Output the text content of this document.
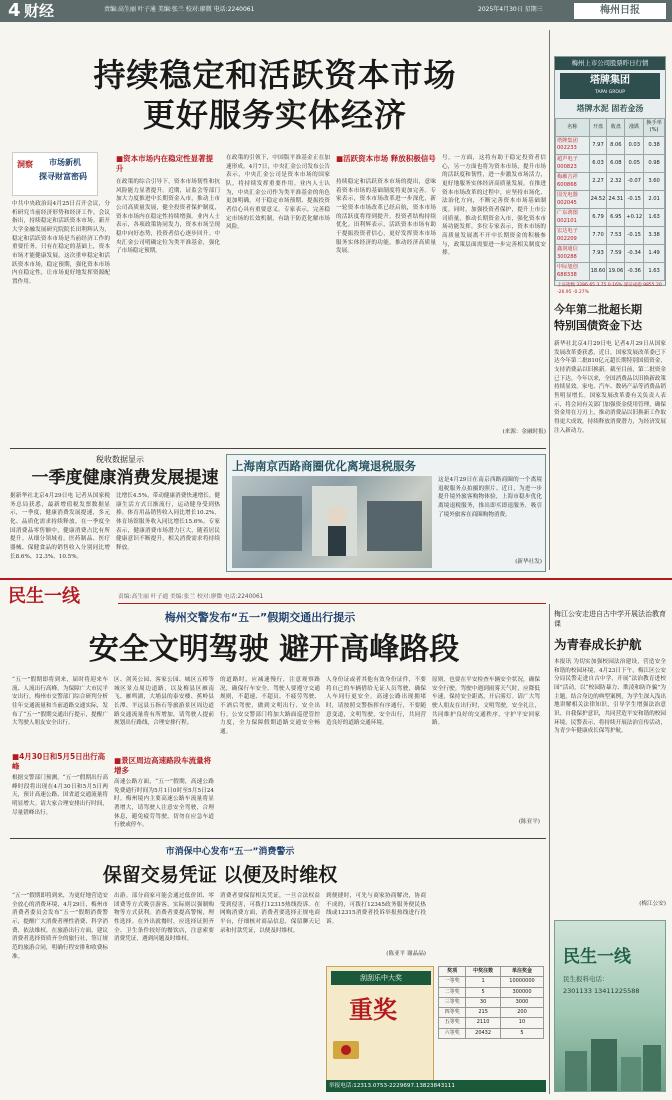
4 财经	责编:高生丽 叶子通 美编:张兰 校对:廖微 电话:2240061	2025年4月30日 星期三	梅州日报
持续稳定和活跃资本市场
更好服务实体经济
洞察 市场新机
探寻财富密码
中共中央政治局4月25日召开会议，分析研究当前经济形势和经济工作。会议指出，持续稳定和活跃资本市场。新开大学金融发展研究院院长田利辉认为，稳定和活跃资本市场是当前经济工作的重要任务。只有在稳定的基础上，资本市场才能健康发展。这次重申稳定和活跃资本市场，稳定预期，强化资本市场内在稳定性，让市场更好地发挥资源配置作用。
■资本市场内在稳定性显著提升
在政策的综合引导下，资本市场韧性和抗风险能力显著提升。近期，证监会等部门加大力度推进中长期资金入市，推动上市公司高质量发展，健全投资者保护制度，资本市场内在稳定性持续增强。业内人士表示，各项政策协同发力，资本市场呈现稳中向好态势，投资者信心逐步回升。中央汇金公司明确定位为类平准基金，强化了市场稳定预期。
在政策的引领下，中国版平准基金正在加速形成。4月7日，中央汇金公司发布公告表示，中央汇金公司是资本市场的国家队，将持续发挥重要作用。业内人士认为，中央汇金公司作为类平准基金的角色更加明确，对于稳定市场预期、提振投资者信心具有重要意义。专家表示，完善稳定市场的长效机制，有助于防范化解市场风险。
■活跃资本市场 释放积极信号
持续稳定和活跃资本市场的提出，意味着资本市场的基础制度将更加完善。专家表示，资本市场改革进一步深化，新一轮资本市场改革已经启航，资本市场的活跃度将得到提升，投资者结构持续优化。田利辉表示，活跃资本市场有助于提振投资者信心，更好发挥资本市场服务实体经济的功能，推动经济高质量发展。
号，一方面，这将有助于稳定投资者信心，另一方面也将为资本市场，提升市场的活跃度和韧性，进一步激发市场活力，更好地服务实体经济高质量发展。在推进资本市场改革的过程中，应坚持市场化、法治化方向，不断完善资本市场基础制度。同时，加强投资者保护，提升上市公司质量，推动长期资金入市，强化资本市场功能发挥。多位专家表示，资本市场的高质量发展离不开中长期资金的积极参与，政策层面需要进一步完善相关制度安排。
(来源：金融时报)
梅州上市公司股票昨日行情
塔牌集团
TAPAI GROUP
塔牌水泥 固若金汤
名称	开盘	收盘	涨跌	换手率(%)
塔牌集团 002233	7.97	8.06	0.03	0.38
超声电子 000823	6.03	6.08	0.05	0.98
梅雁吉祥 600868	2.27	2.32	-0.07	3.60
国光电器 002045	24.52	24.31	-0.15	2.01
广东鸿图 002101	6.79	6.95	+0.12	1.63
宏达电子 002209	7.70	7.53	-0.15	3.38
鑫润通信 300288	7.93	7.59	-0.34	1.49
中际旭创 688338	18.60	19.06	-0.36	1.63
上证指数 3286.65 3.75 0.16% 深证成指 9855.20 -26.95 -0.27%
今年第二批超长期
特别国债资金下达
新华社北京4月29日电 记者4月29日从国家发展改革委获悉，近日，国家发展改革委已下达今年第二批810亿元超长期特别国债资金，支持消费品以旧换新。截至目前，第二批资金已下达。今年以来，全国消费品以旧换新政策持续显效。家电、汽车、数码产品等消费品销售明显增长。国家发展改革委有关负责人表示，将会同有关部门加强资金使用管理，确保资金用在刀刃上，推动消费品以旧换新工作取得更大成效，持续释放消费潜力，为经济发展注入新动力。
税收数据显示
一季度健康消费发展提速
据新华社北京4月29日电 记者从国家税务总局获悉，最新增值税发票数据显示，一季度，健康消费发展提速，多元化、品质化需求持续释放。在一季度全国消费品零售额中，健康消费占比有所提升。从细分领域看，医药制品、医疗器械、保健食品的销售收入分别同比增长8.6%、12.3%、10.5%。
比增长4.5%，带动健康消费快速增长。健康生活方式日渐流行，运动健身受到热捧。体育用品销售收入同比增长10.2%，体育场馆服务收入同比增长15.6%。专家表示，健康消费市场潜力巨大，随着居民健康意识不断提升，相关消费需求将持续释放。
上海南京西路商圈优化离境退税服务
这是4月29日在南京西路商圈的一个离境退税服务点拍摄的照片。近日，为进一步提升境外旅客购物体验，上海市稳步优化离境退税服务，推出即买即退服务，吸引了境外旅客在商圈购物消费。
(新华社发)
民生一线	责编:高生丽 叶子通 美编:张兰 校对:廖微 电话:2240061
梅州交警发布“五一”假期交通出行提示
安全文明驾驶 避开高峰路段
“五一”假期即将到来，届时将迎来车流、人流出行高峰。为保障广大市民平安出行，梅州市交警部门综合研判分析往年交通流量和当前道路交通实际，发布了“五一”假期交通出行提示，提醒广大驾驶人朋友安全出行。
■4月30日和5月5日出行高峰
根据交警部门预测，“五一”假期出行高峰时段将出现在4月30日和5月5日两天，预计高速公路、国省道交通流量将明显增大。请大家合理安排出行时间，尽量错峰出行。
区、剑英公园、客家公园、城区五桥等城区景点周边道路，以及梅县区雁南飞、雁鸣湖，大埔县的泰安楼、蕉岭县长潭、平远县五指石等旅游景区周边道路交通流量将有所增加，请驾驶人提前规划出行路线，合理安排行程。
■景区周边高速路段车流量将增多
高速公路方面，“五一”假期，高速公路免费通行时间为5月1日0时至5月5日24时。梅州境内主要高速公路车流量将显著增大，请驾驶人注意安全驾驶，合理休息，避免疲劳驾驶，切勿在应急车道行驶或停车。
的道路时，应减速慢行，注意观察路况，确保行车安全。驾驶人要遵守交通规则，不超速、不超员、不疲劳驾驶、不酒后驾驶，做到文明出行、安全出行。公安交警部门将加大路面巡逻管控力度，全力保障假期道路交通安全畅通。
人身份证或者其他有效身份证件，不要将自己的车辆借给无证人员驾驶，确保人车同行更安全。高速公路出现拥堵时，请按照交警指挥有序通行，不要随意变道，文明驾驶，安全出行，共同营造良好的道路交通环境。
原则，也要在平安检查车辆安全状况，确保安全行驶。驾驶中遇到雨雾天气时，应降低车速，保持安全距离，开启雾灯。请广大驾驶人朋友在出行时，文明驾驶，安全礼让，共同维护良好的交通秩序，守护平安回家路。
(陈亚平)
梅江公安走进自古中学开展法治教育课
为青春成长护航
本报讯 为切实加强校园法治建设，营造安全和谐的校园环境，4月23日下午，梅江区公安分局民警走进自古中学，开展“法治教育进校园”活动，以“校园防暴力、欺凌和防诈骗”为主题，结合身边的典型案例，为学生深入浅出地讲解相关法律知识，引导学生增强法治意识、自我保护意识，共同营造平安和谐的校园环境。民警表示，将持续开展法治宣传活动，为青少年健康成长保驾护航。
(梅江公安)
民生一线
民生报料电话：
2301133 13411225588
市消保中心发布“五一”消费警示
保留交易凭证 以便及时维权
“五一”假期即将到来，为更好地营造安全放心的消费环境，4月29日，梅州市消费者委员会发布“五一”假期消费警示，提醒广大消费者理性消费、科学消费、依法维权。在旅游出行方面，建议消费者选择资质齐全的旅行社，签订规范的旅游合同，明确行程安排和收费标准。
出游。部分商家可能会通过低价团、零团费等方式吸引游客，实际则以强制购物等方式获利。消费者要提高警惕，理性选择。在外出就餐时，应选择证照齐全、卫生条件较好的餐饮店，注意索要消费凭证，遇到问题及时维权。
消费者要保留相关凭证，一旦合法权益受到侵害，可拨打12315热线投诉。在网购消费方面，消费者要选择正规电商平台，仔细核对商品信息，保留聊天记录和付款凭证，以便及时维权。
到便捷时，可先与商家协商解决，协商不成的，可拨打12345政务服务便民热线或12315消费者投诉举报热线进行投诉。
(陈亚平 谢晶晶)
刮刮乐中大奖
重奖
奖项	中奖注数	单注奖金
一等奖	1	10000000
二等奖	5	300000
三等奖	30	3000
四等奖	215	200
五等奖	2110	10
六等奖	20432	5
举报电话:12313.0753-2229697.13823843111
